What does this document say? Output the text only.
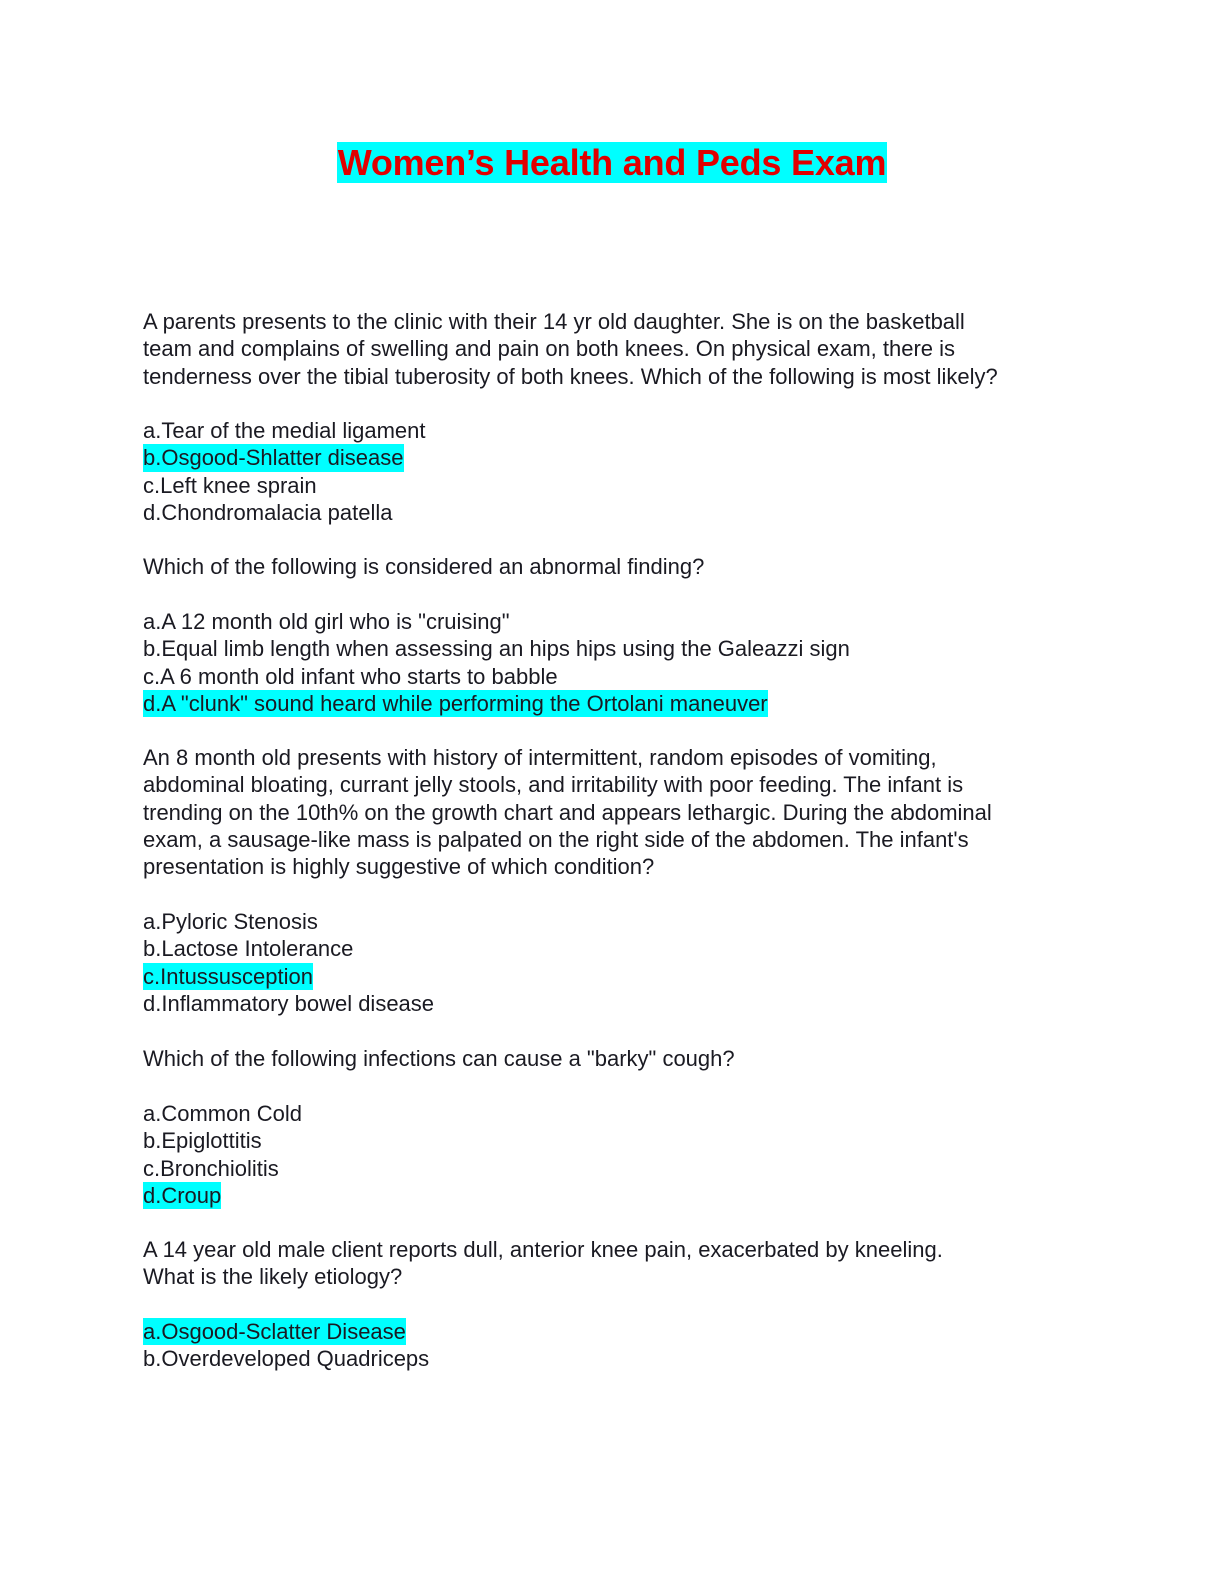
Women’s Health and Peds Exam
A parents presents to the clinic with their 14 yr old daughter. She is on the basketball
team and complains of swelling and pain on both knees. On physical exam, there is
tenderness over the tibial tuberosity of both knees. Which of the following is most likely?
a.Tear of the medial ligament
b.Osgood-Shlatter disease
c.Left knee sprain
d.Chondromalacia patella
Which of the following is considered an abnormal finding?
a.A 12 month old girl who is "cruising"
b.Equal limb length when assessing an hips hips using the Galeazzi sign
c.A 6 month old infant who starts to babble
d.A "clunk" sound heard while performing the Ortolani maneuver
An 8 month old presents with history of intermittent, random episodes of vomiting,
abdominal bloating, currant jelly stools, and irritability with poor feeding. The infant is
trending on the 10th% on the growth chart and appears lethargic. During the abdominal
exam, a sausage-like mass is palpated on the right side of the abdomen. The infant's
presentation is highly suggestive of which condition?
a.Pyloric Stenosis
b.Lactose Intolerance
c.Intussusception
d.Inflammatory bowel disease
Which of the following infections can cause a "barky" cough?
a.Common Cold
b.Epiglottitis
c.Bronchiolitis
d.Croup
A 14 year old male client reports dull, anterior knee pain, exacerbated by kneeling.
What is the likely etiology?
a.Osgood-Sclatter Disease
b.Overdeveloped Quadriceps
